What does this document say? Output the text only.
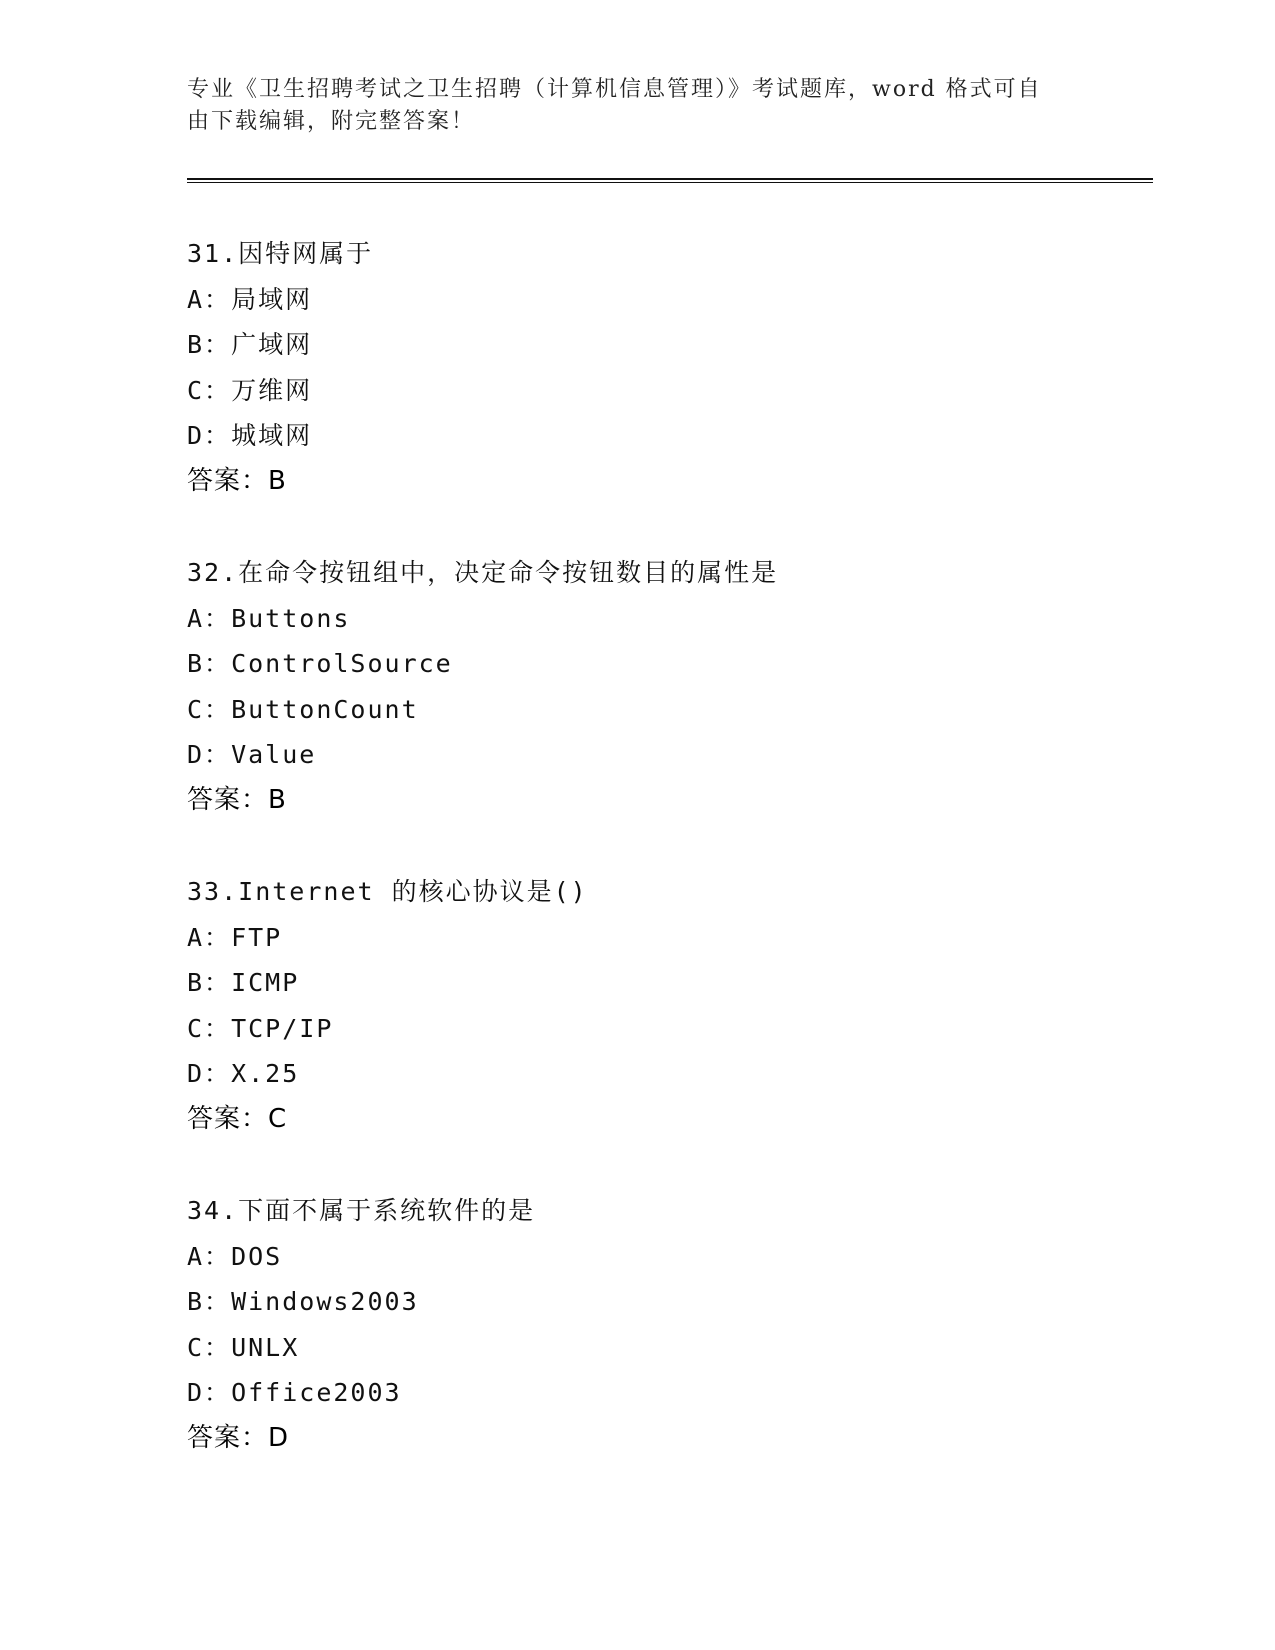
专业《卫生招聘考试之卫生招聘（计算机信息管理）》考试题库，word 格式可自
由下载编辑，附完整答案！
31.因特网属于
A：局域网
B：广域网
C：万维网
D：城域网
答案：B
32.在命令按钮组中，决定命令按钮数目的属性是
A：Buttons
B：ControlSource
C：ButtonCount
D：Value
答案：B
33.Internet 的核心协议是()
A：FTP
B：ICMP
C：TCP/IP
D：X.25
答案：C
34.下面不属于系统软件的是
A：DOS
B：Windows2003
C：UNLX
D：Office2003
答案：D
